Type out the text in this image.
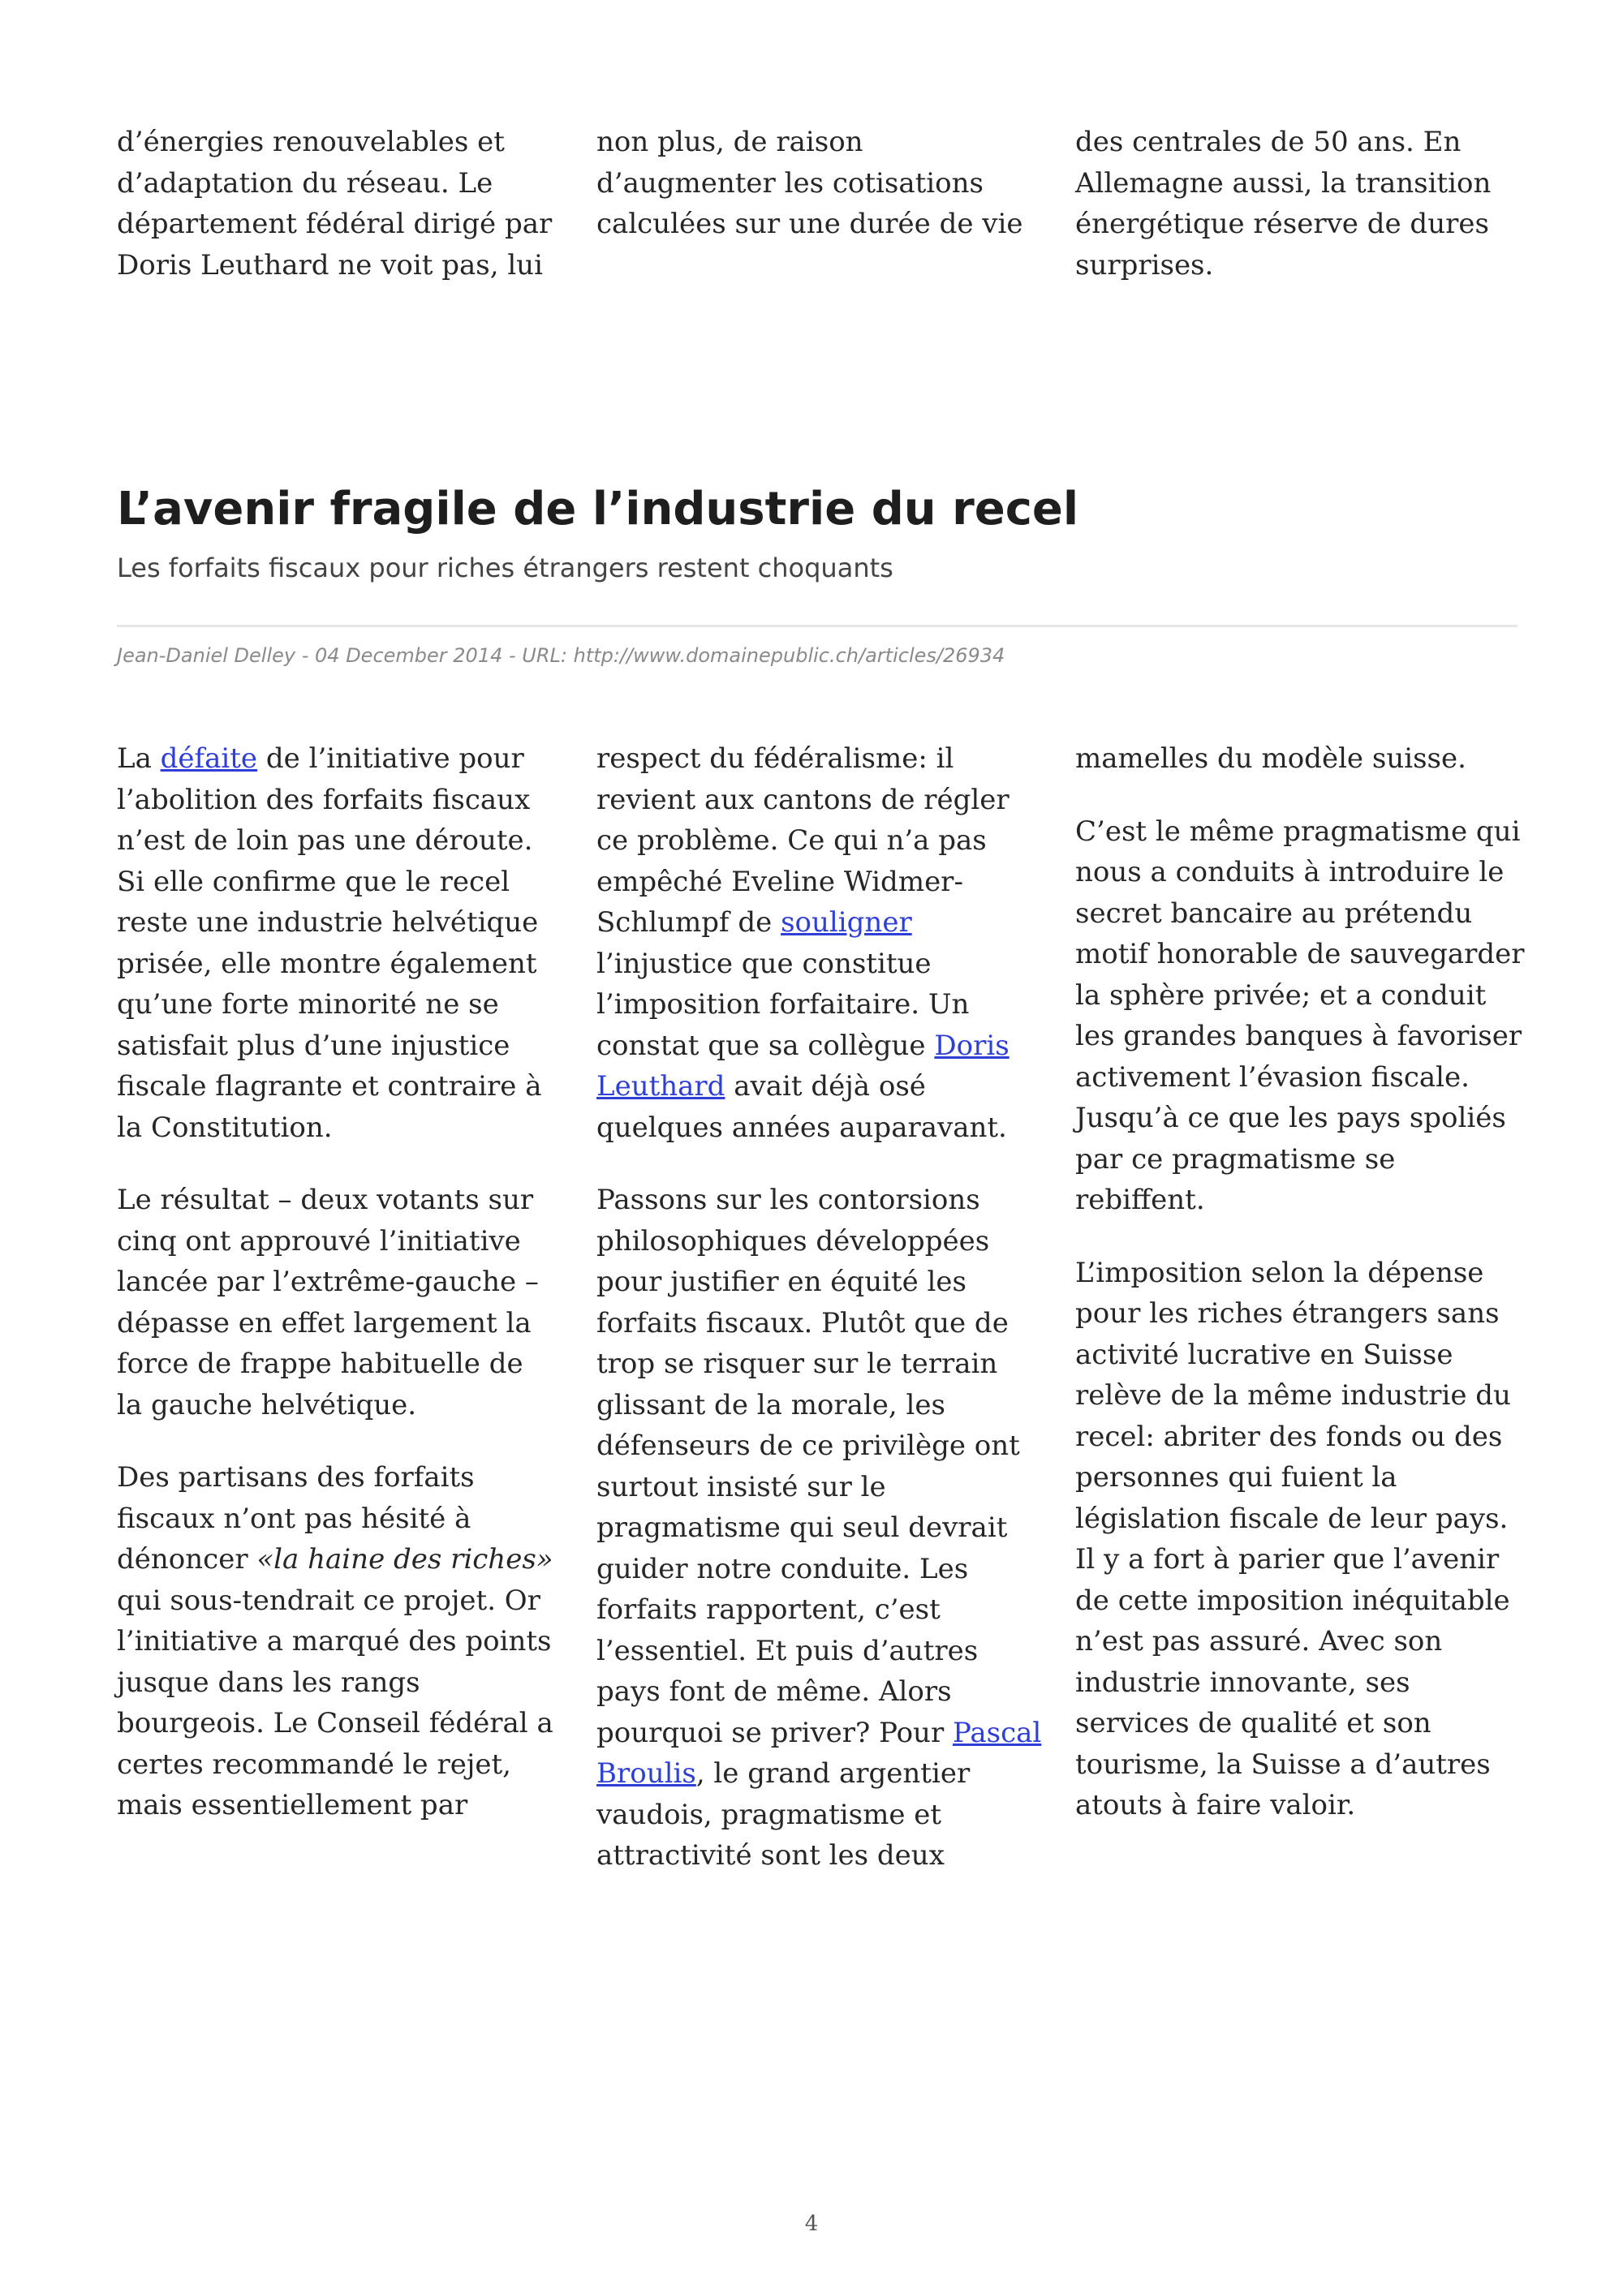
d’énergies renouvelables et d’adaptation du réseau. Le département fédéral dirigé par Doris Leuthard ne voit pas, lui

non plus, de raison d’augmenter les cotisations calculées sur une durée de vie

des centrales de 50 ans. En Allemagne aussi, la transition énergétique réserve de dures surprises.

L’avenir fragile de l’industrie du recel

Les forfaits fiscaux pour riches étrangers restent choquants

Jean-Daniel Delley - 04 December 2014 - URL: http://www.domainepublic.ch/articles/26934

La défaite de l’initiative pour l’abolition des forfaits fiscaux n’est de loin pas une déroute. Si elle confirme que le recel reste une industrie helvétique prisée, elle montre également qu’une forte minorité ne se satisfait plus d’une injustice fiscale flagrante et contraire à la Constitution.

Le résultat – deux votants sur cinq ont approuvé l’initiative lancée par l’extrême-gauche – dépasse en effet largement la force de frappe habituelle de la gauche helvétique.

Des partisans des forfaits fiscaux n’ont pas hésité à dénoncer «la haine des riches» qui sous-tendrait ce projet. Or l’initiative a marqué des points jusque dans les rangs bourgeois. Le Conseil fédéral a certes recommandé le rejet, mais essentiellement par

respect du fédéralisme: il revient aux cantons de régler ce problème. Ce qui n’a pas empêché Eveline Widmer-Schlumpf de souligner l’injustice que constitue l’imposition forfaitaire. Un constat que sa collègue Doris Leuthard avait déjà osé quelques années auparavant.

Passons sur les contorsions philosophiques développées pour justifier en équité les forfaits fiscaux. Plutôt que de trop se risquer sur le terrain glissant de la morale, les défenseurs de ce privilège ont surtout insisté sur le pragmatisme qui seul devrait guider notre conduite. Les forfaits rapportent, c’est l’essentiel. Et puis d’autres pays font de même. Alors pourquoi se priver? Pour Pascal Broulis, le grand argentier vaudois, pragmatisme et attractivité sont les deux

mamelles du modèle suisse.

C’est le même pragmatisme qui nous a conduits à introduire le secret bancaire au prétendu motif honorable de sauvegarder la sphère privée; et a conduit les grandes banques à favoriser activement l’évasion fiscale. Jusqu’à ce que les pays spoliés par ce pragmatisme se rebiffent.

L’imposition selon la dépense pour les riches étrangers sans activité lucrative en Suisse relève de la même industrie du recel: abriter des fonds ou des personnes qui fuient la législation fiscale de leur pays. Il y a fort à parier que l’avenir de cette imposition inéquitable n’est pas assuré. Avec son industrie innovante, ses services de qualité et son tourisme, la Suisse a d’autres atouts à faire valoir.

4
